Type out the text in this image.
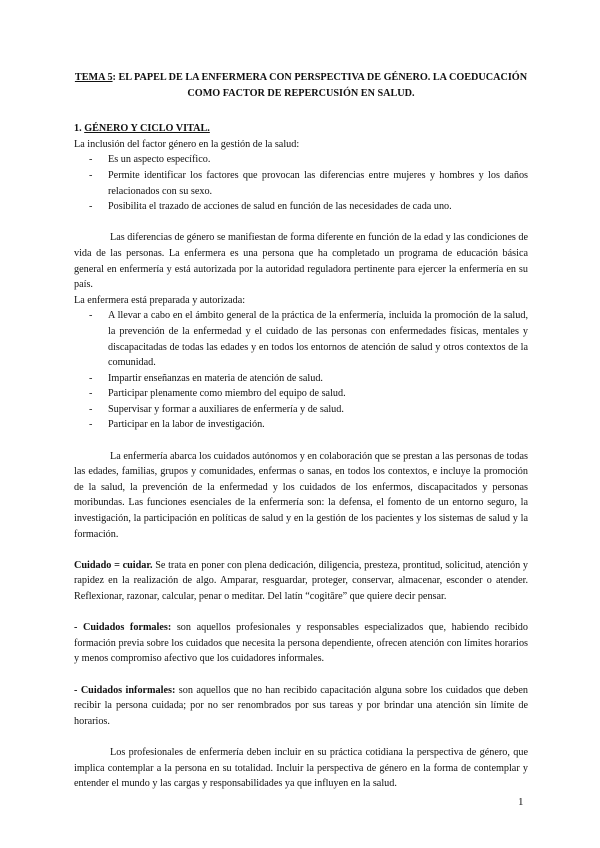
TEMA 5: EL PAPEL DE LA ENFERMERA CON PERSPECTIVA DE GÉNERO. LA COEDUCACIÓN COMO FACTOR DE REPERCUSIÓN EN SALUD.

1. GÉNERO Y CICLO VITAL.

La inclusión del factor género en la gestión de la salud:

- Es un aspecto específico.
- Permite identificar los factores que provocan las diferencias entre mujeres y hombres y los daños relacionados con su sexo.
- Posibilita el trazado de acciones de salud en función de las necesidades de cada uno.

Las diferencias de género se manifiestan de forma diferente en función de la edad y las condiciones de vida de las personas. La enfermera es una persona que ha completado un programa de educación básica general en enfermería y está autorizada por la autoridad reguladora pertinente para ejercer la enfermería en su país.

La enfermera está preparada y autorizada:

- A llevar a cabo en el ámbito general de la práctica de la enfermería, incluida la promoción de la salud, la prevención de la enfermedad y el cuidado de las personas con enfermedades físicas, mentales y discapacitadas de todas las edades y en todos los entornos de atención de salud y otros contextos de la comunidad.
- Impartir enseñanzas en materia de atención de salud.
- Participar plenamente como miembro del equipo de salud.
- Supervisar y formar a auxiliares de enfermería y de salud.
- Participar en la labor de investigación.

La enfermería abarca los cuidados autónomos y en colaboración que se prestan a las personas de todas las edades, familias, grupos y comunidades, enfermas o sanas, en todos los contextos, e incluye la promoción de la salud, la prevención de la enfermedad y los cuidados de los enfermos, discapacitados y personas moribundas. Las funciones esenciales de la enfermería son: la defensa, el fomento de un entorno seguro, la investigación, la participación en políticas de salud y en la gestión de los pacientes y los sistemas de salud y la formación.

Cuidado = cuidar. Se trata en poner con plena dedicación, diligencia, presteza, prontitud, solicitud, atención y rapidez en la realización de algo. Amparar, resguardar, proteger, conservar, almacenar, esconder o atender. Reflexionar, razonar, calcular, penar o meditar. Del latín “cogitāre” que quiere decir pensar.

- Cuidados formales: son aquellos profesionales y responsables especializados que, habiendo recibido formación previa sobre los cuidados que necesita la persona dependiente, ofrecen atención con límites horarios y menos compromiso afectivo que los cuidadores informales.

- Cuidados informales: son aquellos que no han recibido capacitación alguna sobre los cuidados que deben recibir la persona cuidada; por no ser renombrados por sus tareas y por brindar una atención sin límite de horarios.

Los profesionales de enfermería deben incluir en su práctica cotidiana la perspectiva de género, que implica contemplar a la persona en su totalidad. Incluir la perspectiva de género en la forma de contemplar y entender el mundo y las cargas y responsabilidades ya que influyen en la salud.

1
